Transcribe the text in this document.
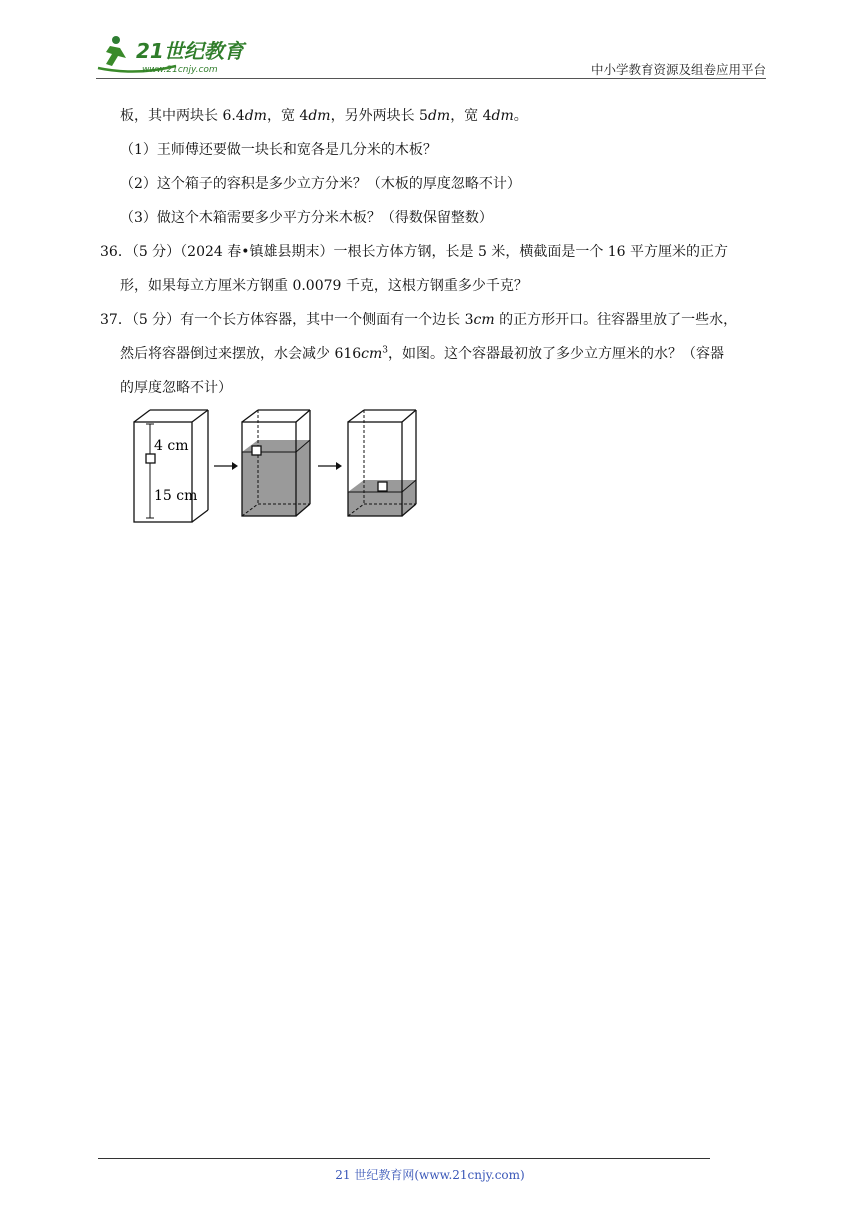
21世纪教育
www.21cnjy.com	中小学教育资源及组卷应用平台
板，其中两块长 6.4dm，宽 4dm，另外两块长 5dm，宽 4dm。
（1）王师傅还要做一块长和宽各是几分米的木板？
（2）这个箱子的容积是多少立方分米？（木板的厚度忽略不计）
（3）做这个木箱需要多少平方分米木板？（得数保留整数）
36．（5 分）（2024 春•镇雄县期末）一根长方体方钢，长是 5 米，横截面是一个 16 平方厘米的正方
形，如果每立方厘米方钢重 0.0079 千克，这根方钢重多少千克？
37．（5 分）有一个长方体容器，其中一个侧面有一个边长 3cm 的正方形开口。往容器里放了一些水，
然后将容器倒过来摆放，水会减少 $616cm^3$，如图。这个容器最初放了多少立方厘米的水？（容器
的厚度忽略不计）
4 cm
15 cm
21 世纪教育网(www.21cnjy.com)
